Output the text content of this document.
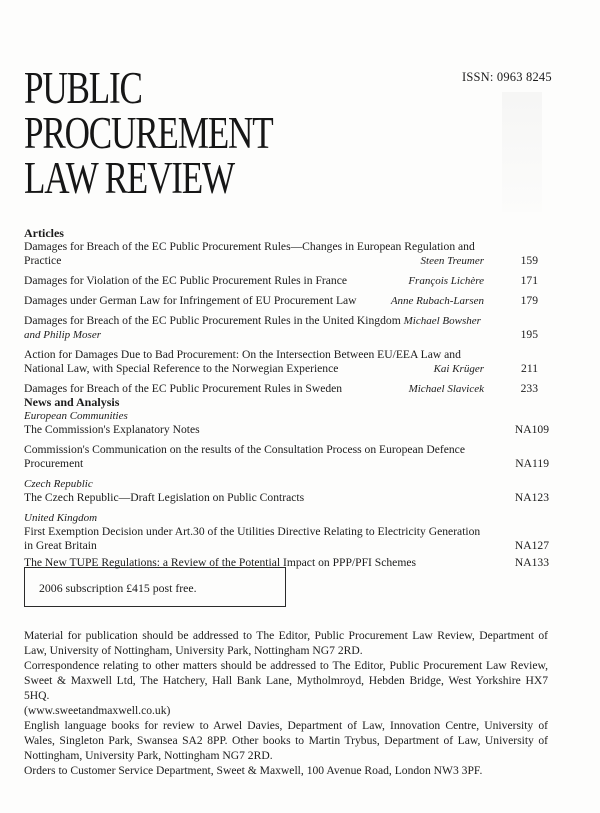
ISSN: 0963 8245
PUBLIC
PROCUREMENT
LAW REVIEW
Articles
Damages for Breach of the EC Public Procurement Rules—Changes in European Regulation and Practice	Steen Treumer	159
Damages for Violation of the EC Public Procurement Rules in France	François Lichère	171
Damages under German Law for Infringement of EU Procurement Law	Anne Rubach-Larsen	179
Damages for Breach of the EC Public Procurement Rules in the United Kingdom Michael Bowsher and Philip Moser	195
Action for Damages Due to Bad Procurement: On the Intersection Between EU/EEA Law and National Law, with Special Reference to the Norwegian Experience	Kai Krüger	211
Damages for Breach of the EC Public Procurement Rules in Sweden	Michael Slavicek	233
News and Analysis
European Communities
The Commission's Explanatory Notes	NA109
Commission's Communication on the results of the Consultation Process on European Defence Procurement	NA119
Czech Republic
The Czech Republic—Draft Legislation on Public Contracts	NA123
United Kingdom
First Exemption Decision under Art.30 of the Utilities Directive Relating to Electricity Generation in Great Britain	NA127
The New TUPE Regulations: a Review of the Potential Impact on PPP/PFI Schemes	NA133
2006 subscription £415 post free.
Material for publication should be addressed to The Editor, Public Procurement Law Review, Department of Law, University of Nottingham, University Park, Nottingham NG7 2RD.
Correspondence relating to other matters should be addressed to The Editor, Public Procurement Law Review, Sweet & Maxwell Ltd, The Hatchery, Hall Bank Lane, Mytholmroyd, Hebden Bridge, West Yorkshire HX7 5HQ.
(www.sweetandmaxwell.co.uk)
English language books for review to Arwel Davies, Department of Law, Innovation Centre, University of Wales, Singleton Park, Swansea SA2 8PP. Other books to Martin Trybus, Department of Law, University of Nottingham, University Park, Nottingham NG7 2RD.
Orders to Customer Service Department, Sweet & Maxwell, 100 Avenue Road, London NW3 3PF.
